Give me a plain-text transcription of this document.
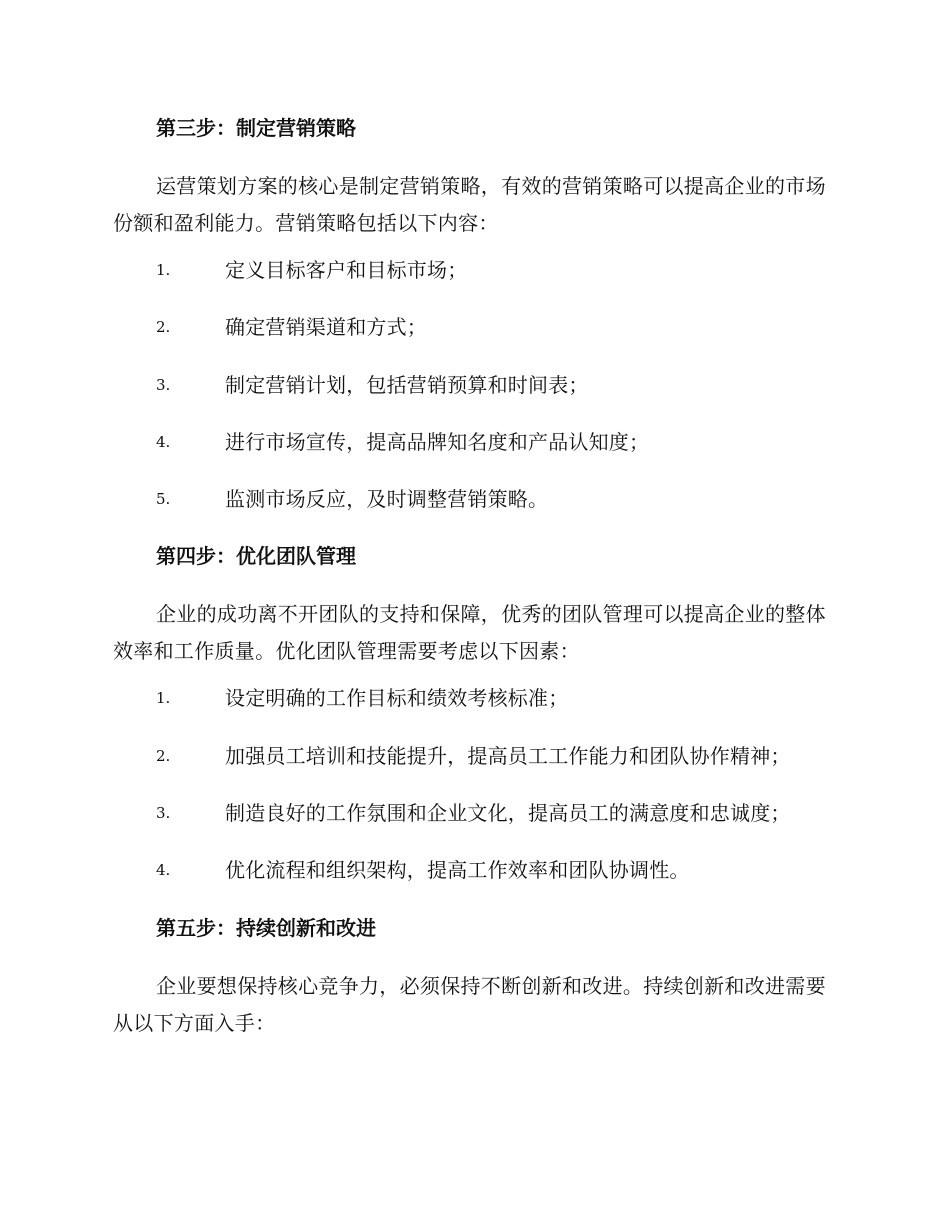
第三步：制定营销策略

运营策划方案的核心是制定营销策略，有效的营销策略可以提高企业的市场份额和盈利能力。营销策略包括以下内容：

1.	定义目标客户和目标市场；
2.	确定营销渠道和方式；
3.	制定营销计划，包括营销预算和时间表；
4.	进行市场宣传，提高品牌知名度和产品认知度；
5.	监测市场反应，及时调整营销策略。
第四步：优化团队管理

企业的成功离不开团队的支持和保障，优秀的团队管理可以提高企业的整体效率和工作质量。优化团队管理需要考虑以下因素：

1.	设定明确的工作目标和绩效考核标准；
2.	加强员工培训和技能提升，提高员工工作能力和团队协作精神；
3.	制造良好的工作氛围和企业文化，提高员工的满意度和忠诚度；
4.	优化流程和组织架构，提高工作效率和团队协调性。
第五步：持续创新和改进

企业要想保持核心竞争力，必须保持不断创新和改进。持续创新和改进需要从以下方面入手：
